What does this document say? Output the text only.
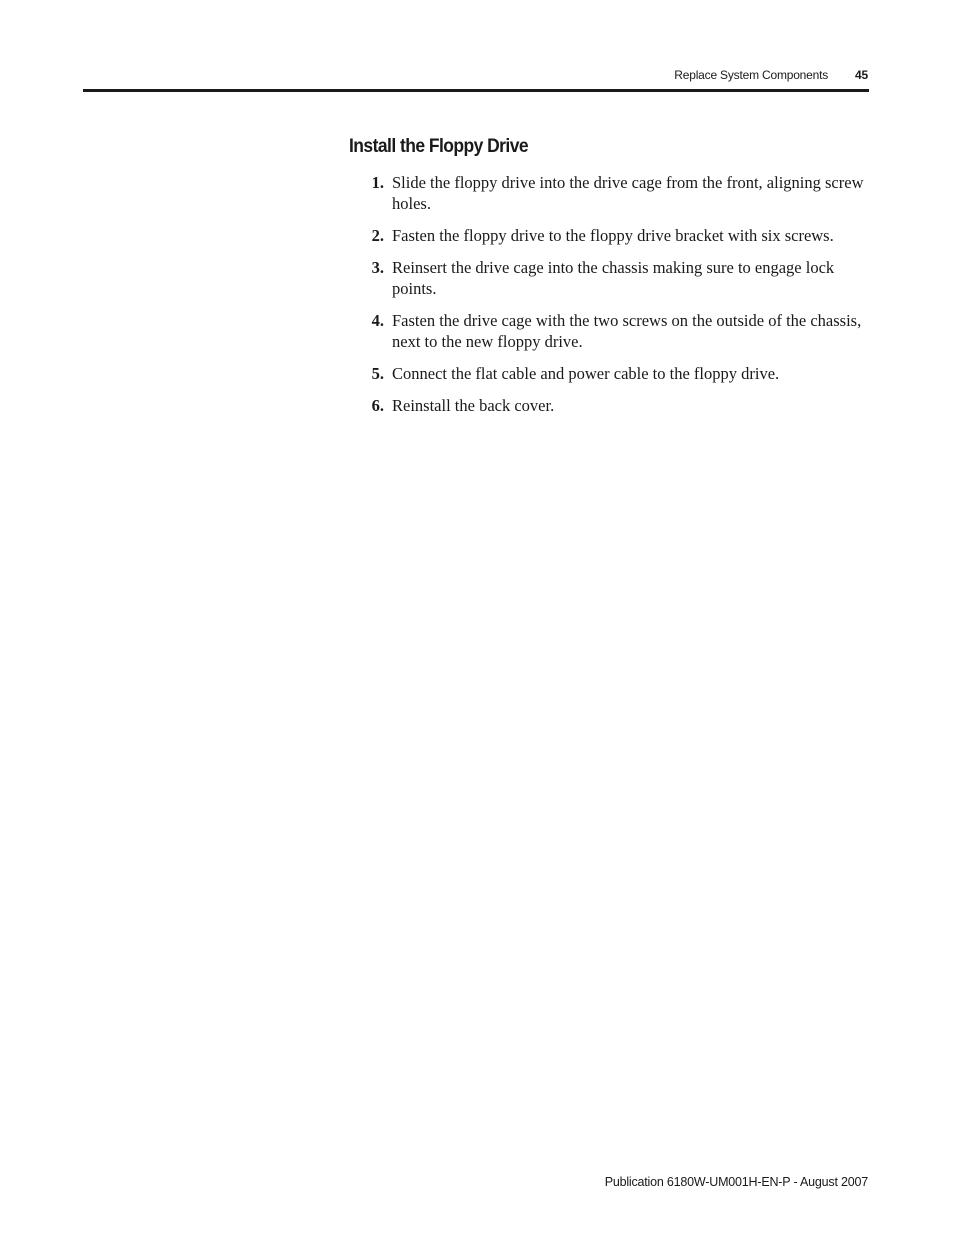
Replace System Components 45
Install the Floppy Drive
1. Slide the floppy drive into the drive cage from the front, aligning screw holes.
2. Fasten the floppy drive to the floppy drive bracket with six screws.
3. Reinsert the drive cage into the chassis making sure to engage lock points.
4. Fasten the drive cage with the two screws on the outside of the chassis, next to the new floppy drive.
5. Connect the flat cable and power cable to the floppy drive.
6. Reinstall the back cover.
Publication 6180W-UM001H-EN-P - August 2007
